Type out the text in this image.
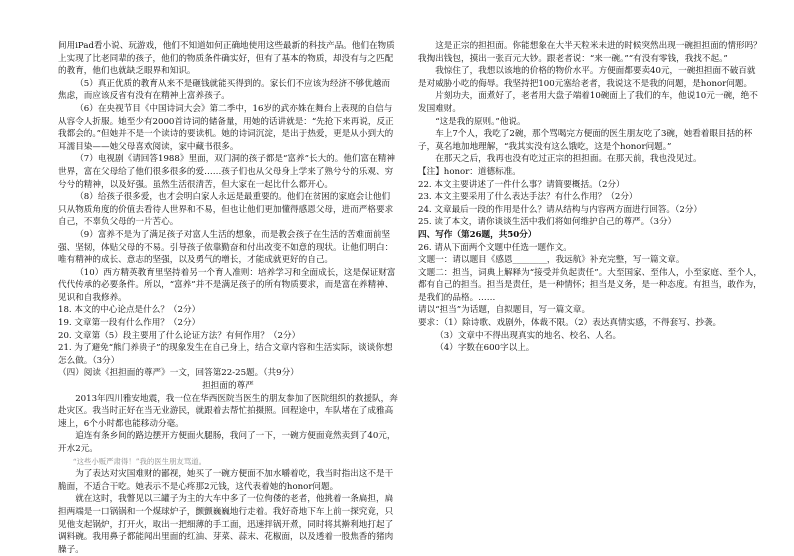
间用iPad看小说、玩游戏，他们不知道如何正确地使用这些最新的科技产品。他们在物质上实现了比老同辈的孩子，他们的物质条件确实好，但有了基本的物质，却没有与之匹配的教育，他们也就缺乏眼界和知识。

（5）真正优质的教育从来不是砸钱就能买得到的。家长们不应该为经济不够优越而焦虑，而应该反省有没有在精神上富养孩子。

（6）在央视节目《中国诗词大会》第二季中，16岁的武亦姝在舞台上表现的自信与从容令人折服。她至少有2000首诗词的储备量，用她的话讲就是：“先抢下来再说，反正我都会的。”但她并不是一个读诗的要读机。她的诗词沉淀，是出于热爱，更是从小到大的耳濡目染——她父母喜欢阅读，家中藏书很多。

（7）电视剧《请回答1988》里面，双门洞的孩子都是“富养”长大的。他们富在精神世界，富在父母给了他们很多很多的爱……孩子们也从父母身上学来了熟兮兮的乐观、穷兮兮的精神，以及好强。虽然生活很清苦，但大家在一起比什么都开心。

（8）给孩子很多爱，也才会明白家人永远是最重要的。他们在贫困的家庭会让他们只从物质角度的价值去看待人世界和不易，但也让他们更加懂得感恩父母，进而严格要求自己，不辜负父母的一片苦心。

（9）富养不是为了满足孩子对富人生活的想象，而是教会孩子在生活的苦难面前坚强、坚韧，体贴父母的不易。引导孩子依靠勤奋和付出改变不如意的现状。让他们明白：唯有精神的成长、意志的坚强，以及勇气的增长，才能成就更好的自己。

（10）西方精英教育里坚持着另一个育人准则：培养学习和全面成长，这是保证财富代代传承的必要条件。所以，“富养”并不是满足孩子的所有物质要求，而是富在养精神、见识和自我修养。

18. 本文的中心论点是什么？（2分）

19. 文章第一段有什么作用？（2分）

20. 文章第（5）段主要用了什么论证方法？有何作用？（2分）

21. 为了避免“熊门养贵子”的现象发生在自己身上，结合文章内容和生活实际，谈谈你想怎么做。（3分）

（四）阅读《担担面的尊严》一文，回答第22-25题。（共9分）

担担面的尊严

2013年四川雅安地震，我一位在华西医院当医生的朋友参加了医院组织的救援队，奔赴灾区。我当时正好在当无业游民，就跟着去帮忙拍摄照。回程途中，车队堵在了成雅高速上，6个小时都也能移动分毫。

追连有条乡间的路边摆开方便面火腿肠，我问了一下，一碗方便面竟然卖到了40元，开水2元。

“这些小贩严肃得！”我的医生朋友骂道。

为了表达对灾国难财的鄙视，她买了一碗方便面不加水嚼着吃，我当时指出这不是干脆面，不适合干吃。她表示不是心疼那2元钱，这代表着她的honor问题。

就在这时，我瞥见以三罐子为主的大车中多了一位佝偻的老者，他挑着一条扁担，扁担两端是一口锅锅和一个煤球炉子，颤颤巍巍地行走着。我好奇地下车上前一探究竟，只见他支起锅炉，打开火，取出一把细薄的手工面，迅速拌锅开煮，同时将其擀利地打起了调料碗。我用鼻子都能闻出里面的红油、芽菜、蒜末、花椒面，以及透着一股焦香的猪肉臊子。

这是正宗的担担面。你能想象在大半天粒米未进的时候突然出现一碗担担面的情形吗？我掏出钱包，摸出一张百元大钞。跟老者说：“来一碗。”“有没有零钱，我找不起。”

我惊住了，我想以该地的价格的物价水平。方便面都要卖40元，一碗担担面不破百就是对威胁小吃的侮辱。我坚持把100元塞给老者，我说这不是我的问题，是honor问题。

片刻功夫，面煮好了，老者用大盘子端着10碗面上了我们的车，他说10元一碗，绝不发国难财。

“这是我的原则。”他说。

车上7个人，我吃了2碗，那个骂喝完方便面的医生朋友吃了3碗，她看着眼目括的杯子，莫名地加地理解，“我其实没有这么饿吃，这是个honor问题。”

在那天之后，我再也没有吃过正宗的担担面。在那天前，我也没见过。

【注】honor：道德标准。

22. 本文主要讲述了一件什么事？请简要概括。（2分）

23. 本文主要采用了什么表达手法？有什么作用？（2分）

24. 文章最后一段的作用是什么？请从结构与内容两方面进行回答。（2分）

25. 读了本文，请你谈谈生活中我们将如何维护自己的尊严。（3分）

四、写作（第26题，共50分）

26. 请从下面两个文题中任选一题作文。

文题一：请以题目《感恩________，我远航》补充完整，写一篇文章。

文题二：担当，词典上解释为“接受并负起责任”。大至国家、至伟人，小至家庭、至个人，都有自己的担当。担当是责任，是一种情怀；担当是义务，是一种态度。有担当，敢作为，是我们的品格。……

请以“担当”为话题，自拟题目，写一篇文章。

要求：（1）除诗歌、戏剧外，体裁不限。（2）表达真情实感，不得套写、抄袭。

（3）文章中不得出现真实的地名、校名、人名。

（4）字数在600字以上。
